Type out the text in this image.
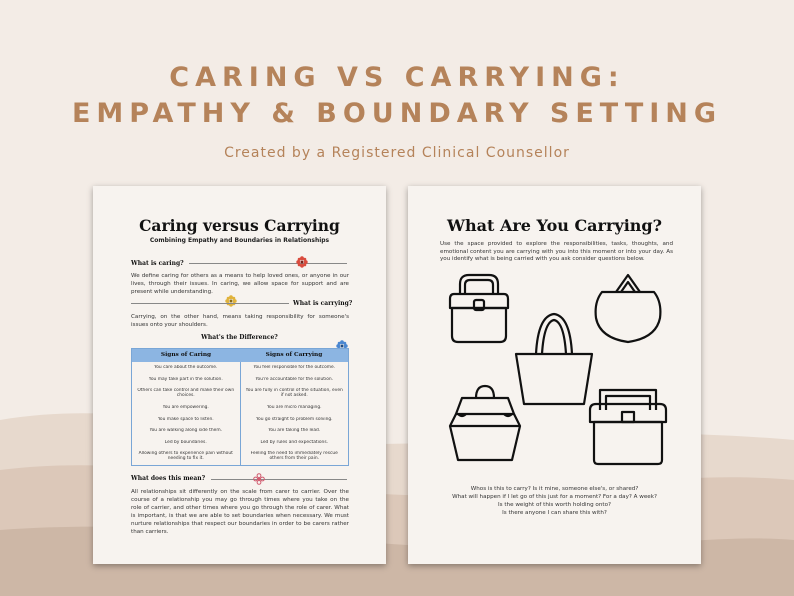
CARING VS CARRYING:
EMPATHY & BOUNDARY SETTING
Created by a Registered Clinical Counsellor
Caring versus Carrying
Combining Empathy and Boundaries in Relationships
What is caring?
We define caring for others as a means to help loved ones, or anyone in our lives, through their issues. In caring, we allow space for support and are present while understanding.
What is carrying?
Carrying, on the other hand, means taking responsibility for someone's issues onto your shoulders.
What's the Difference?
Signs of Caring	Signs of Carrying
You care about the outcome.
You may take part in the solution.
Others can take control and make their own choices.
You are empowering.
You make space to listen.
You are walking along side them.
Led by boundaries.
Allowing others to experience pain without needing to fix it.
You feel responsible for the outcome.
You're accountable for the solution.
You are fully in control of the situation, even if not asked.
You are micro managing.
You go straight to problem solving.
You are taking the lead.
Led by rules and expectations.
Feeling the need to immediately rescue others from their pain.
What does this mean?
All relationships sit differently on the scale from carer to carrier. Over the course of a relationship you may go through times where you take on the role of carrier, and other times where you go through the role of carer. What is important, is that we are able to set boundaries when necessary. We must nurture relationships that respect our boundaries in order to be carers rather than carriers.
What Are You Carrying?
Use the space provided to explore the responsibilities, tasks, thoughts, and emotional content you are carrying with you into this moment or into your day. As you identify what is being carried with you ask consider questions below.
Whos is this to carry? Is it mine, someone else's, or shared?
What will happen if I let go of this just for a moment? For a day? A week?
Is the weight of this worth holding onto?
Is there anyone I can share this with?
